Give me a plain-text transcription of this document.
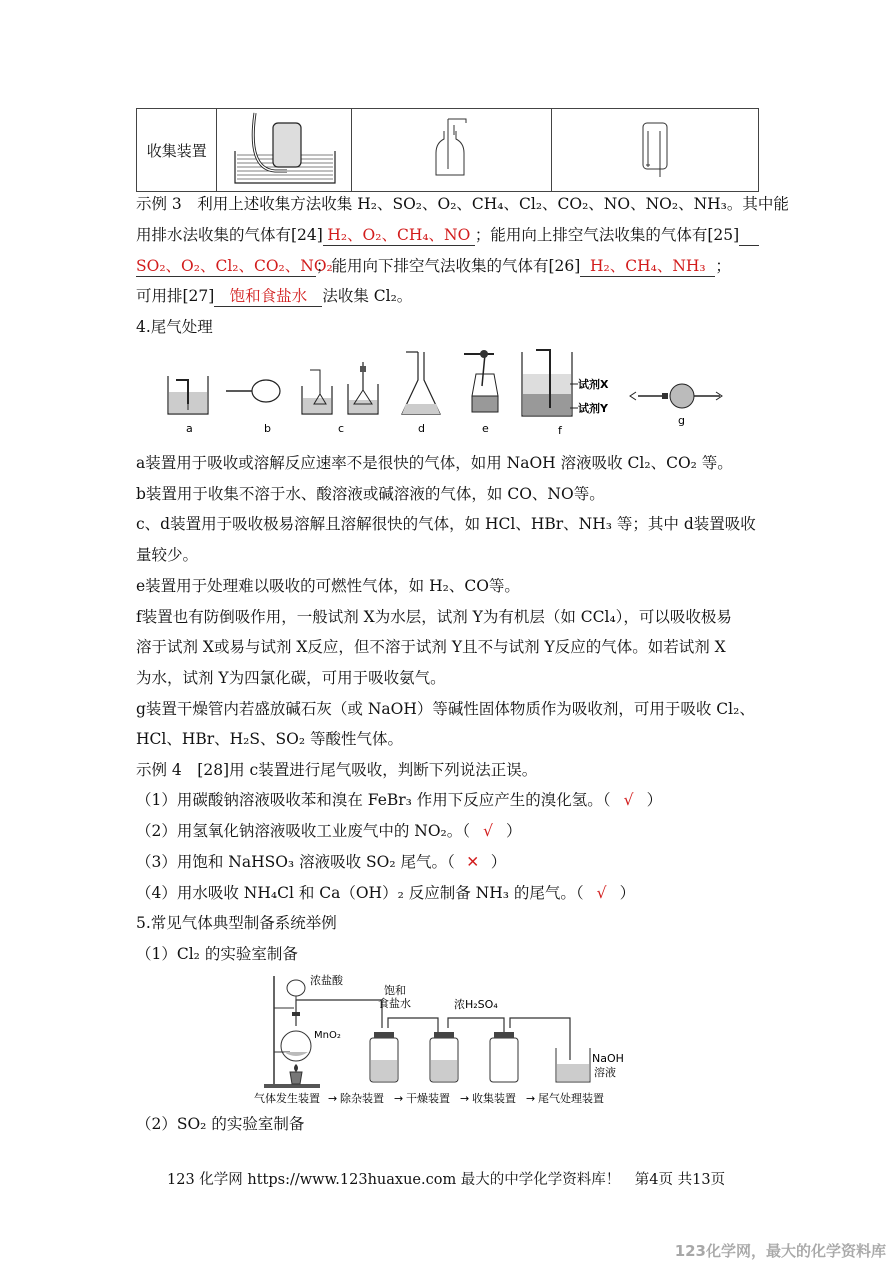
收集装置			
示例 3　利用上述收集方法收集 H₂、SO₂、O₂、CH₄、Cl₂、CO₂、NO、NO₂、NH₃。其中能
用排水法收集的气体有[24] H₂、O₂、CH₄、NO ；能用向上排空气法收集的气体有[25]
SO₂、O₂、Cl₂、CO₂、NO₂；能用向下排空气法收集的气体有[26] H₂、CH₄、NH₃ ；
可用排[27] 饱和食盐水 法收集 Cl₂。
4.尾气处理
试剂X
试剂Y
a	b	c	d	e	f
g
a装置用于吸收或溶解反应速率不是很快的气体，如用 NaOH 溶液吸收 Cl₂、CO₂ 等。
b装置用于收集不溶于水、酸溶液或碱溶液的气体，如 CO、NO等。
c、d装置用于吸收极易溶解且溶解很快的气体，如 HCl、HBr、NH₃ 等；其中 d装置吸收
量较少。
e装置用于处理难以吸收的可燃性气体，如 H₂、CO等。
f装置也有防倒吸作用，一般试剂 X为水层，试剂 Y为有机层（如 CCl₄），可以吸收极易
溶于试剂 X或易与试剂 X反应，但不溶于试剂 Y且不与试剂 Y反应的气体。如若试剂 X
为水，试剂 Y为四氯化碳，可用于吸收氨气。
g装置干燥管内若盛放碱石灰（或 NaOH）等碱性固体物质作为吸收剂，可用于吸收 Cl₂、
HCl、HBr、H₂S、SO₂ 等酸性气体。
示例 4　[28]用 c装置进行尾气吸收，判断下列说法正误。
（1）用碳酸钠溶液吸收苯和溴在 FeBr₃ 作用下反应产生的溴化氢。（ √ ）
（2）用氢氧化钠溶液吸收工业废气中的 NO₂。（ √ ）
（3）用饱和 NaHSO₃ 溶液吸收 SO₂ 尾气。（ ✕ ）
（4）用水吸收 NH₄Cl 和 Ca（OH）₂ 反应制备 NH₃ 的尾气。（ √ ）
5.常见气体典型制备系统举例
（1）Cl₂ 的实验室制备
浓盐酸
MnO₂
饱和
食盐水	浓H₂SO₄
NaOH
溶液
气体发生装置 → 除杂装置 → 干燥装置 → 收集装置 → 尾气处理装置
（2）SO₂ 的实验室制备
123 化学网 https://www.123huaxue.com 最大的中学化学资料库！　第4页 共13页
123化学网，最大的化学资料库
